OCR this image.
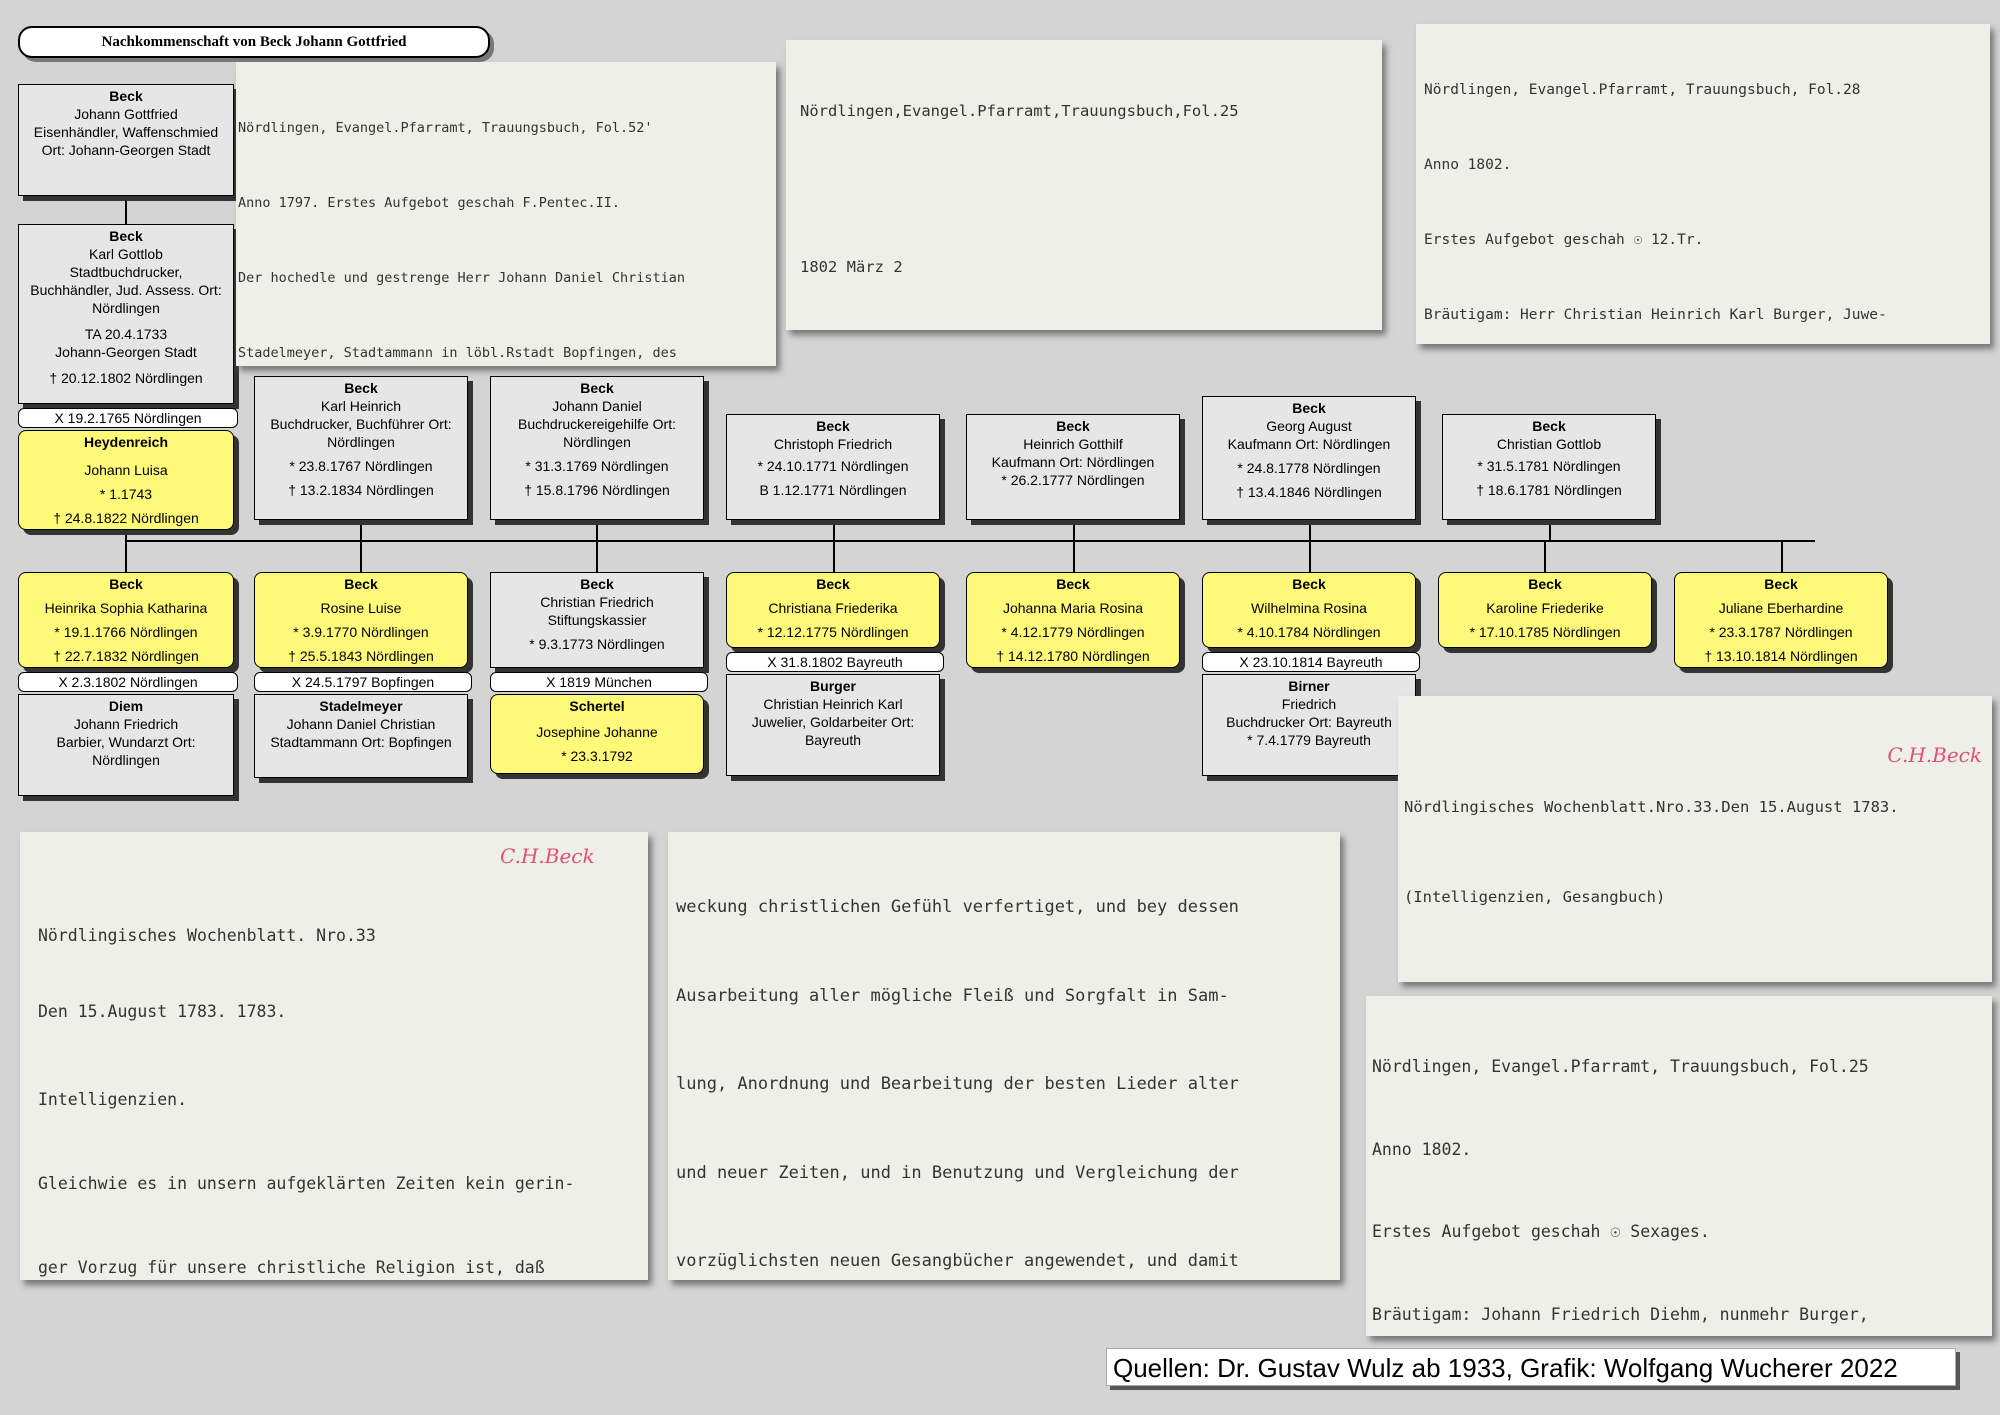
Nachkommenschaft von Beck Johann Gottfried
Beck
Johann Gottfried
Eisenhändler, Waffenschmied
Ort: Johann-Georgen Stadt
Beck
Karl Gottlob
Stadtbuchdrucker,
Buchhändler, Jud. Assess. Ort:
Nördlingen
TA 20.4.1733
Johann-Georgen Stadt
† 20.12.1802 Nördlingen
X 19.2.1765 Nördlingen
Heydenreich
Johann Luisa
* 1.1743
† 24.8.1822 Nördlingen
Beck
Karl Heinrich
Buchdrucker, Buchführer Ort:
Nördlingen
* 23.8.1767 Nördlingen
† 13.2.1834 Nördlingen
Beck
Johann Daniel
Buchdruckereigehilfe Ort:
Nördlingen
* 31.3.1769 Nördlingen
† 15.8.1796 Nördlingen
Beck
Christoph Friedrich
* 24.10.1771 Nördlingen
B 1.12.1771 Nördlingen
Beck
Heinrich Gotthilf
Kaufmann Ort: Nördlingen
* 26.2.1777 Nördlingen
Beck
Georg August
Kaufmann Ort: Nördlingen
* 24.8.1778 Nördlingen
† 13.4.1846 Nördlingen
Beck
Christian Gottlob
* 31.5.1781 Nördlingen
† 18.6.1781 Nördlingen
Beck
Heinrika Sophia Katharina
* 19.1.1766 Nördlingen
† 22.7.1832 Nördlingen
Beck
Rosine Luise
* 3.9.1770 Nördlingen
† 25.5.1843 Nördlingen
Beck
Christian Friedrich
Stiftungskassier
* 9.3.1773 Nördlingen
Beck
Christiana Friederika
* 12.12.1775 Nördlingen
Beck
Johanna Maria Rosina
* 4.12.1779 Nördlingen
† 14.12.1780 Nördlingen
Beck
Wilhelmina Rosina
* 4.10.1784 Nördlingen
Beck
Karoline Friederike
* 17.10.1785 Nördlingen
Beck
Juliane Eberhardine
* 23.3.1787 Nördlingen
† 13.10.1814 Nördlingen
X 2.3.1802 Nördlingen	X 24.5.1797 Bopfingen	X 1819 München
X 31.8.1802 Bayreuth	X 23.10.1814 Bayreuth
Diem
Johann Friedrich
Barbier, Wundarzt Ort:
Nördlingen
Stadelmeyer
Johann Daniel Christian
Stadtammann Ort: Bopfingen
Schertel
Josephine Johanne
* 23.3.1792
Burger
Christian Heinrich Karl
Juwelier, Goldarbeiter Ort:
Bayreuth
Birner
Friedrich
Buchdrucker Ort: Bayreuth
* 7.4.1779 Bayreuth

Nördlingen, Evangel.Pfarramt, Trauungsbuch, Fol.52'

Anno 1797. Erstes Aufgebot geschah F.Pentec.II.

Der hochedle und gestrenge Herr Johann Daniel Christian

Stadelmeyer, Stadtammann in löbl.Rstadt Bopfingen, des

Nördlingen,Evangel.Pfarramt,Trauungsbuch,Fol.25

1802 März 2

Nördlingen, Evangel.Pfarramt, Trauungsbuch, Fol.28

Anno 1802.

Erstes Aufgebot geschah ☉ 12.Tr.

Bräutigam: Herr Christian Heinrich Karl Burger, Juwe-

C.H.Beck

Nördlingisches Wochenblatt.Nro.33.Den 15.August 1783.

(Intelligenzien, Gesangbuch)

C.H.Beck

Nördlingisches Wochenblatt. Nro.33

Den 15.August 1783. 1783.

Intelligenzien.

Gleichwie es in unsern aufgeklärten Zeiten kein gerin-

ger Vorzug für unsere christliche Religion ist, daß

weckung christlichen Gefühl verfertiget, und bey dessen

Ausarbeitung aller mögliche Fleiß und Sorgfalt in Sam-

lung, Anordnung und Bearbeitung der besten Lieder alter

und neuer Zeiten, und in Benutzung und Vergleichung der

vorzüglichsten neuen Gesangbücher angewendet, und damit

Nördlingen, Evangel.Pfarramt, Trauungsbuch, Fol.25

Anno 1802.

Erstes Aufgebot geschah ☉ Sexages.

Bräutigam: Johann Friedrich Diehm, nunmehr Burger,

Quellen: Dr. Gustav Wulz ab 1933, Grafik: Wolfgang Wucherer 2022
